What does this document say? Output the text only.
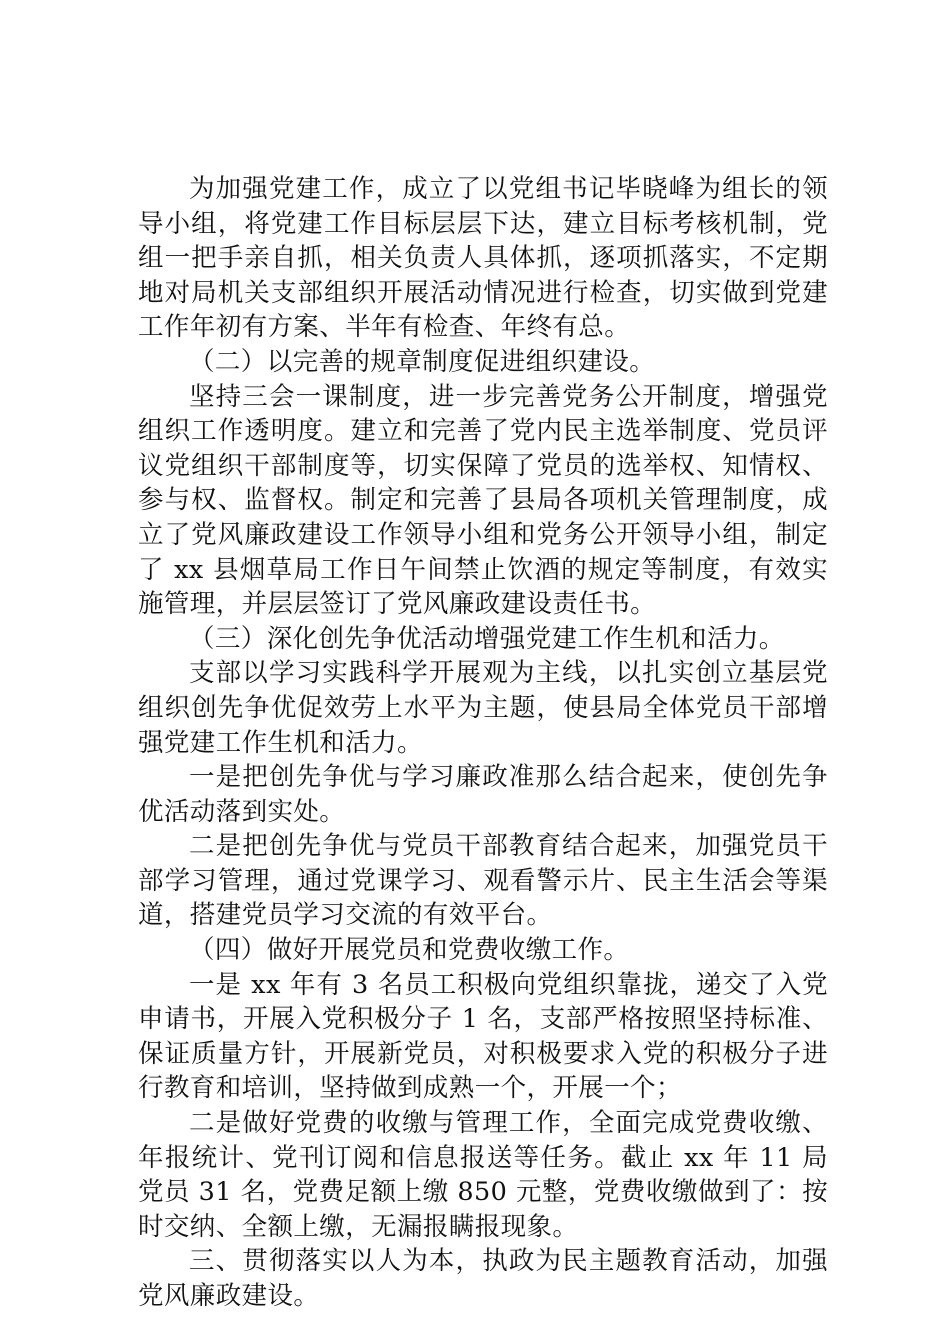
为加强党建工作，成立了以党组书记毕晓峰为组长的领导小组，将党建工作目标层层下达，建立目标考核机制，党组一把手亲自抓，相关负责人具体抓，逐项抓落实，不定期地对局机关支部组织开展活动情况进行检查，切实做到党建工作年初有方案、半年有检查、年终有总。

（二）以完善的规章制度促进组织建设。

坚持三会一课制度，进一步完善党务公开制度，增强党组织工作透明度。建立和完善了党内民主选举制度、党员评议党组织干部制度等，切实保障了党员的选举权、知情权、参与权、监督权。制定和完善了县局各项机关管理制度，成立了党风廉政建设工作领导小组和党务公开领导小组，制定了 xx 县烟草局工作日午间禁止饮酒的规定等制度，有效实施管理，并层层签订了党风廉政建设责任书。

（三）深化创先争优活动增强党建工作生机和活力。

支部以学习实践科学开展观为主线，以扎实创立基层党组织创先争优促效劳上水平为主题，使县局全体党员干部增强党建工作生机和活力。

一是把创先争优与学习廉政准那么结合起来，使创先争优活动落到实处。

二是把创先争优与党员干部教育结合起来，加强党员干部学习管理，通过党课学习、观看警示片、民主生活会等渠道，搭建党员学习交流的有效平台。

（四）做好开展党员和党费收缴工作。

一是 xx 年有 3 名员工积极向党组织靠拢，递交了入党申请书，开展入党积极分子 1 名，支部严格按照坚持标准、保证质量方针，开展新党员，对积极要求入党的积极分子进行教育和培训，坚持做到成熟一个，开展一个；

二是做好党费的收缴与管理工作，全面完成党费收缴、年报统计、党刊订阅和信息报送等任务。截止 xx 年 11 局党员 31 名，党费足额上缴 850 元整，党费收缴做到了：按时交纳、全额上缴，无漏报瞒报现象。

三、贯彻落实以人为本，执政为民主题教育活动，加强党风廉政建设。
